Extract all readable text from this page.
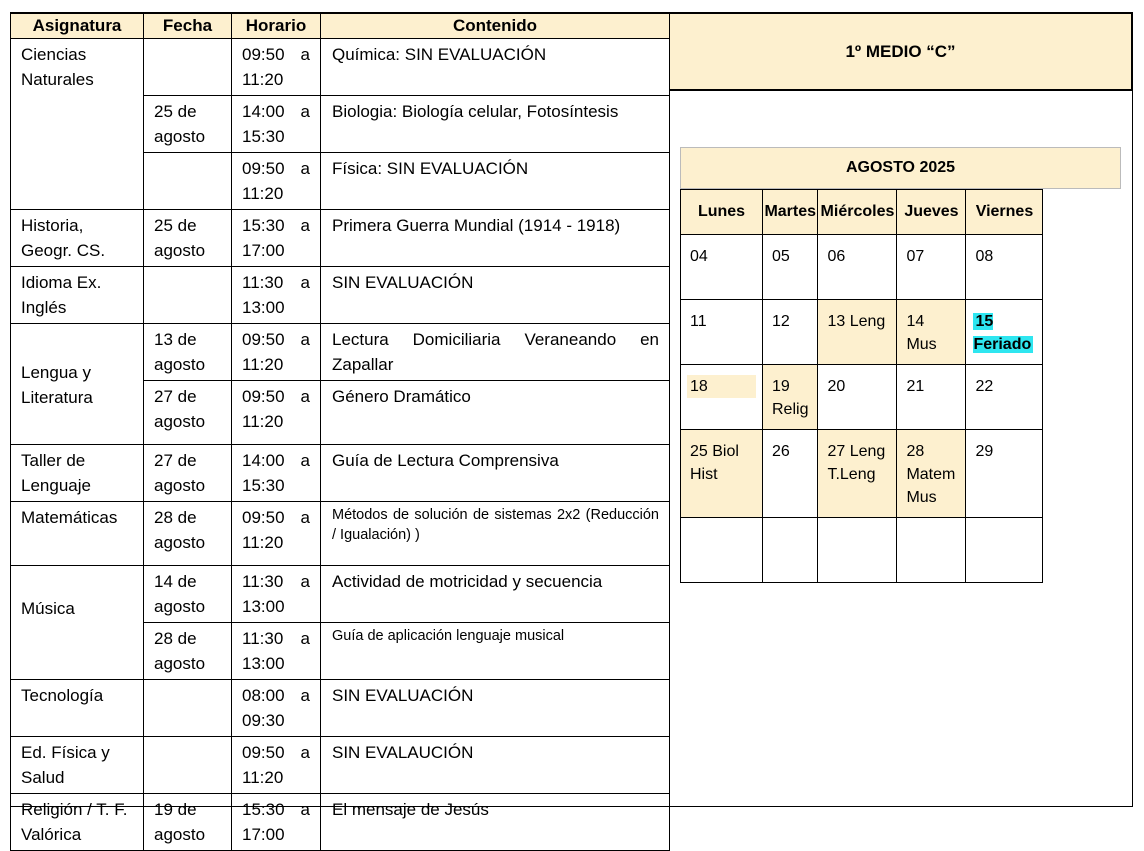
Asignatura	Fecha	Horario	Contenido

Ciencias Naturales		09:50 a 11:20	Química: SIN EVALUACIÓN

	25 de agosto	14:00 a 15:30	Biologia: Biología celular, Fotosíntesis

		09:50 a 11:20	Física: SIN EVALUACIÓN

Historia, Geogr. CS.	25 de agosto	15:30 a 17:00	Primera Guerra Mundial (1914 - 1918)

Idioma Ex. Inglés		11:30 a 13:00	SIN EVALUACIÓN

Lengua y Literatura	13 de agosto	09:50 a 11:20	Lectura Domiciliaria Veraneando en Zapallar

	27 de agosto	09:50 a 11:20	Género Dramático

Taller de Lenguaje	27 de agosto	14:00 a 15:30	Guía de Lectura Comprensiva

Matemáticas	28 de agosto	09:50 a 11:20	Métodos de solución de sistemas 2x2 (Reducción / Igualación) )

Música	14 de agosto	11:30 a 13:00	Actividad de motricidad y secuencia

	28 de agosto	11:30 a 13:00	Guía de aplicación lenguaje musical

Tecnología		08:00 a 09:30	SIN EVALUACIÓN

Ed. Física y Salud		09:50 a 11:20	SIN EVALAUCIÓN

Religión / T. F. Valórica	19 de agosto	15:30 a 17:00	El mensaje de Jesús
1º MEDIO “C”
AGOSTO 2025
Lunes	Martes	Miércoles	Jueves	Viernes

04	05	06	07	08

11	12	13 Leng	14 Mus	15 Feriado

18	19 Relig	20	21	22

25 Biol Hist	26	27 Leng T.Leng	28 Matem Mus	29
